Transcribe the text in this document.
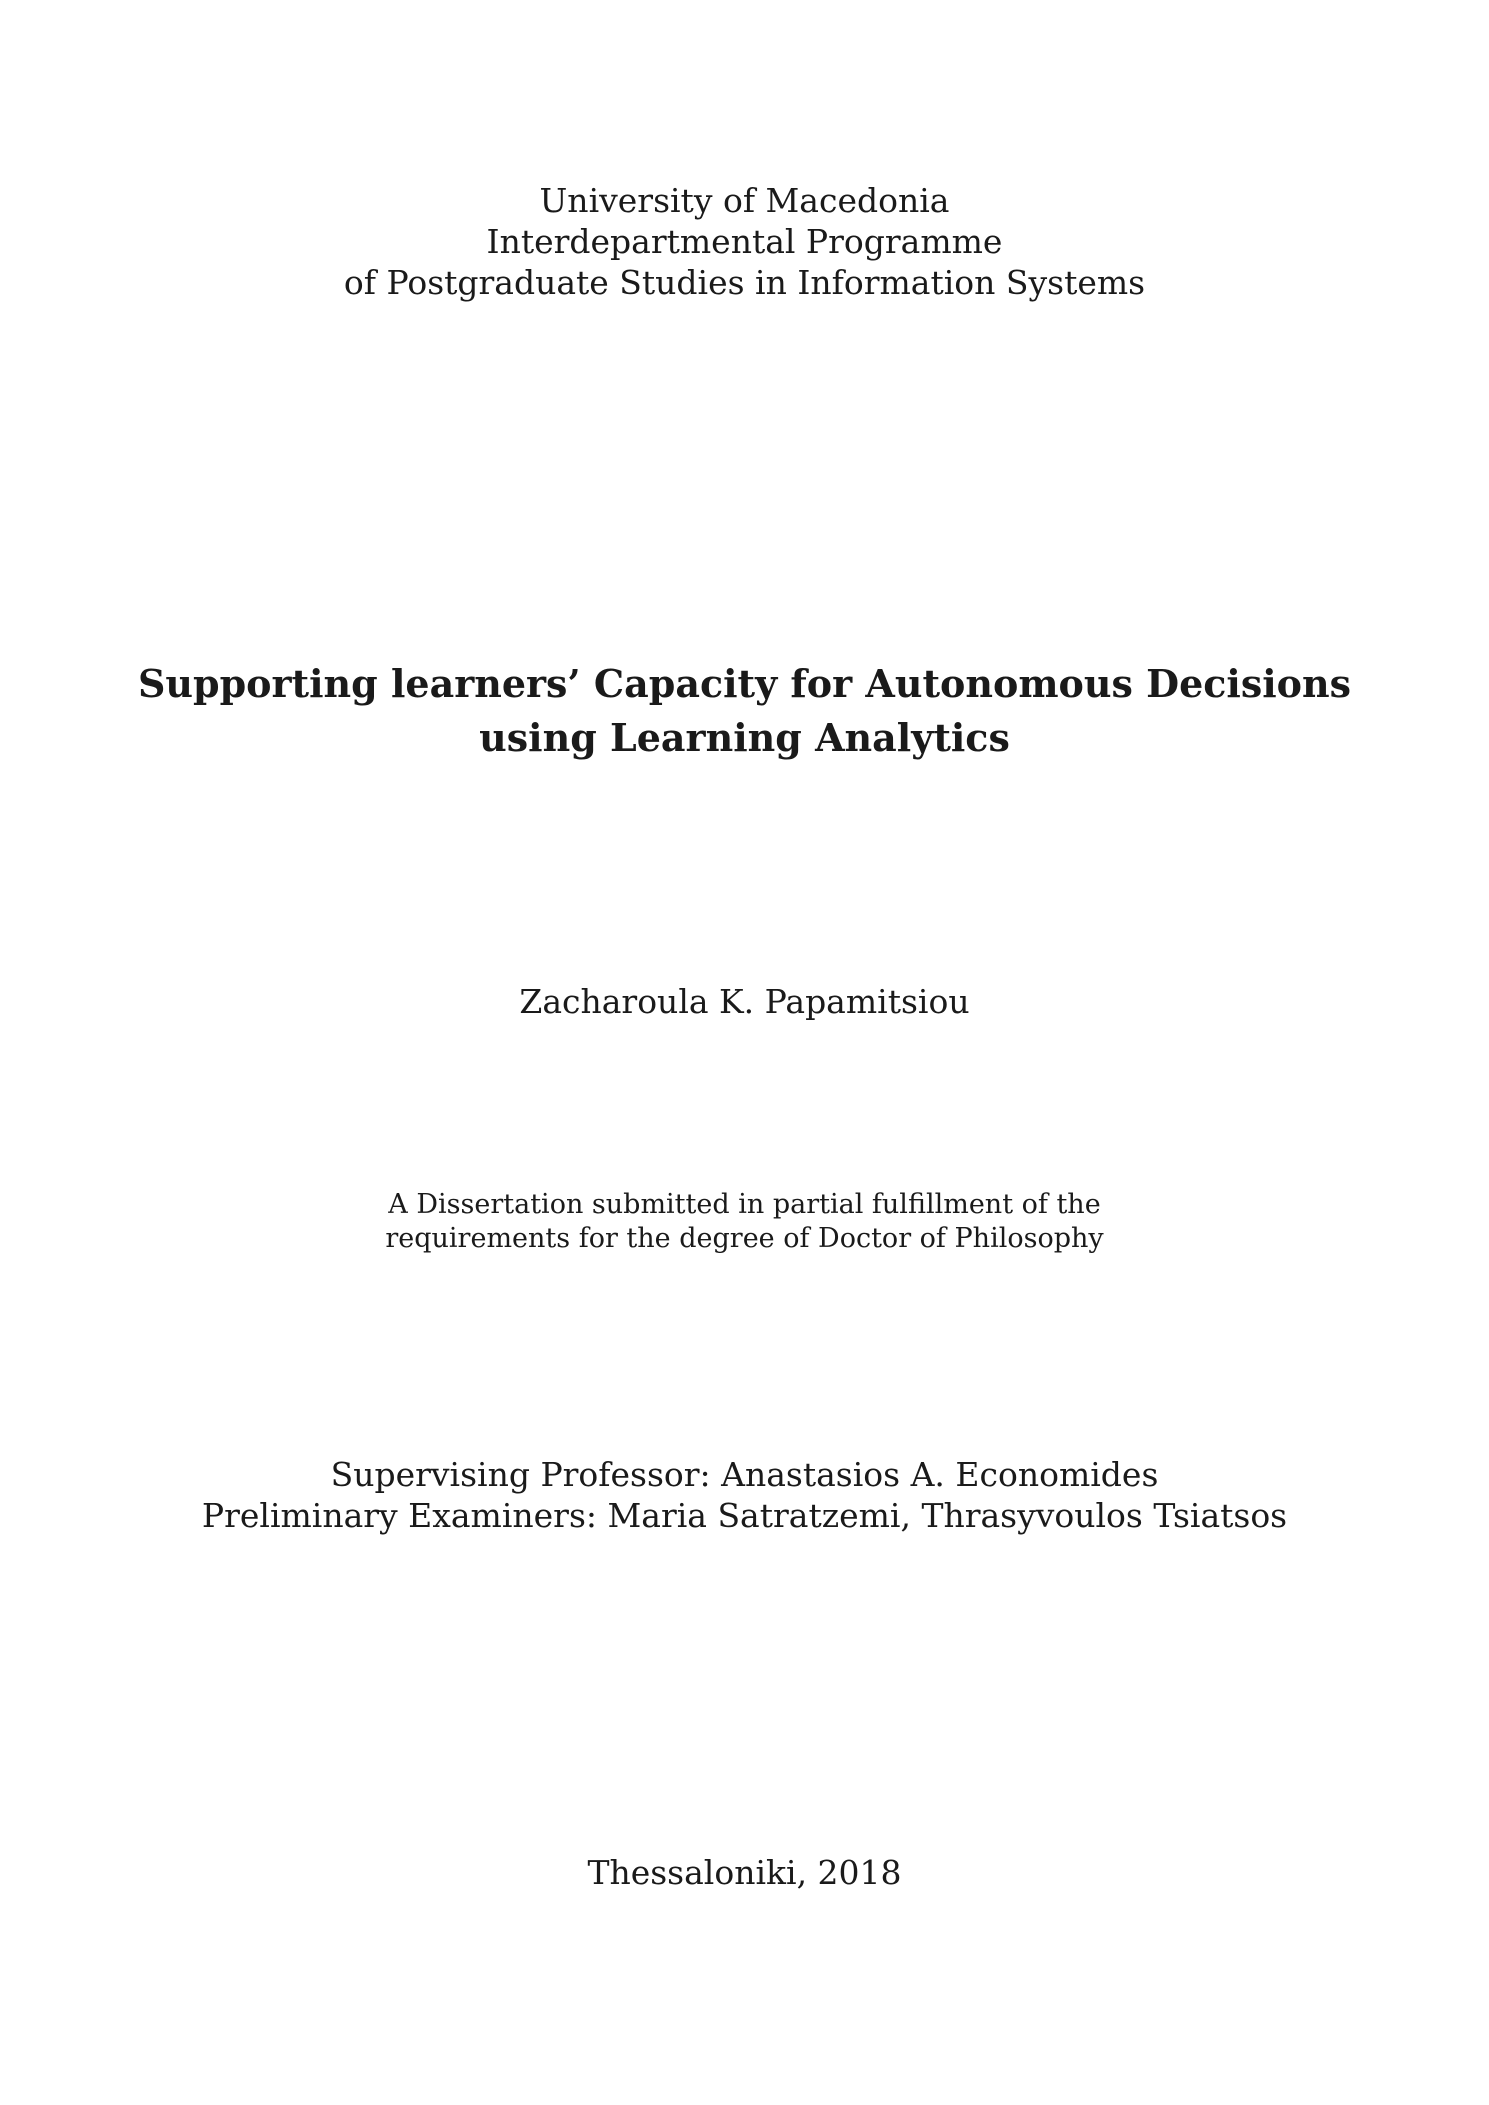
University of Macedonia
Interdepartmental Programme
of Postgraduate Studies in Information Systems
Supporting learners’ Capacity for Autonomous Decisions
using Learning Analytics
Zacharoula K. Papamitsiou
A Dissertation submitted in partial fulfillment of the
requirements for the degree of Doctor of Philosophy
Supervising Professor: Anastasios A. Economides
Preliminary Examiners: Maria Satratzemi, Thrasyvoulos Tsiatsos
Thessaloniki, 2018
